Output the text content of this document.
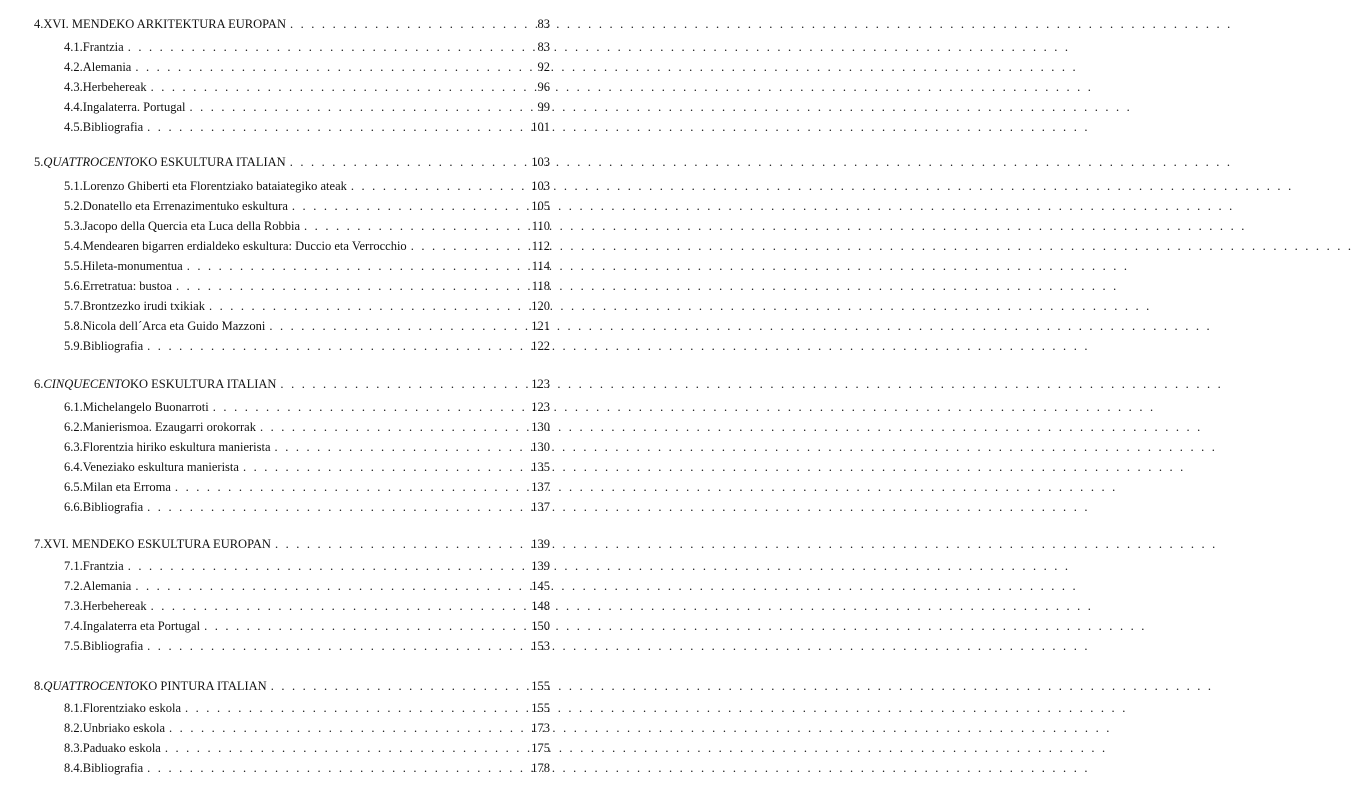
4. XVI. MENDEKO ARKITEKTURA EUROPAN . . .	83
4.1. Frantzia . . .	83
4.2. Alemania . . .	92
4.3. Herbehereak . . .	96
4.4. Ingalaterra. Portugal . . .	99
4.5. Bibliografia . . .	101
5. QUATTROCENTOKO ESKULTURA ITALIAN . . .	103
5.1. Lorenzo Ghiberti eta Florentziako bataiategiko ateak . . .	103
5.2. Donatello eta Errenazimentuko eskultura . . .	105
5.3. Jacopo della Quercia eta Luca della Robbia . . .	110
5.4. Mendearen bigarren erdialdeko eskultura: Duccio eta Verrocchio . . .	112
5.5. Hileta-monumentua . . .	114
5.6. Erretratua: bustoa . . .	118
5.7. Brontzezko irudi txikiak . . .	120
5.8. Nicola dell´Arca eta Guido Mazzoni . . .	121
5.9. Bibliografia . . .	122
6. CINQUECENTOKO ESKULTURA ITALIAN . . .	123
6.1. Michelangelo Buonarroti . . .	123
6.2. Manierismoa. Ezaugarri orokorrak . . .	130
6.3. Florentzia hiriko eskultura manierista . . .	130
6.4. Veneziako eskultura manierista . . .	135
6.5. Milan eta Erroma . . .	137
6.6. Bibliografia . . .	137
7. XVI. MENDEKO ESKULTURA EUROPAN . . .	139
7.1. Frantzia . . .	139
7.2. Alemania . . .	145
7.3. Herbehereak . . .	148
7.4. Ingalaterra eta Portugal . . .	150
7.5. Bibliografia . . .	153
8. QUATTROCENTOKO PINTURA ITALIAN . . .	155
8.1. Florentziako eskola . . .	155
8.2. Unbriako eskola . . .	173
8.3. Paduako eskola . . .	175
8.4. Bibliografia . . .	178
